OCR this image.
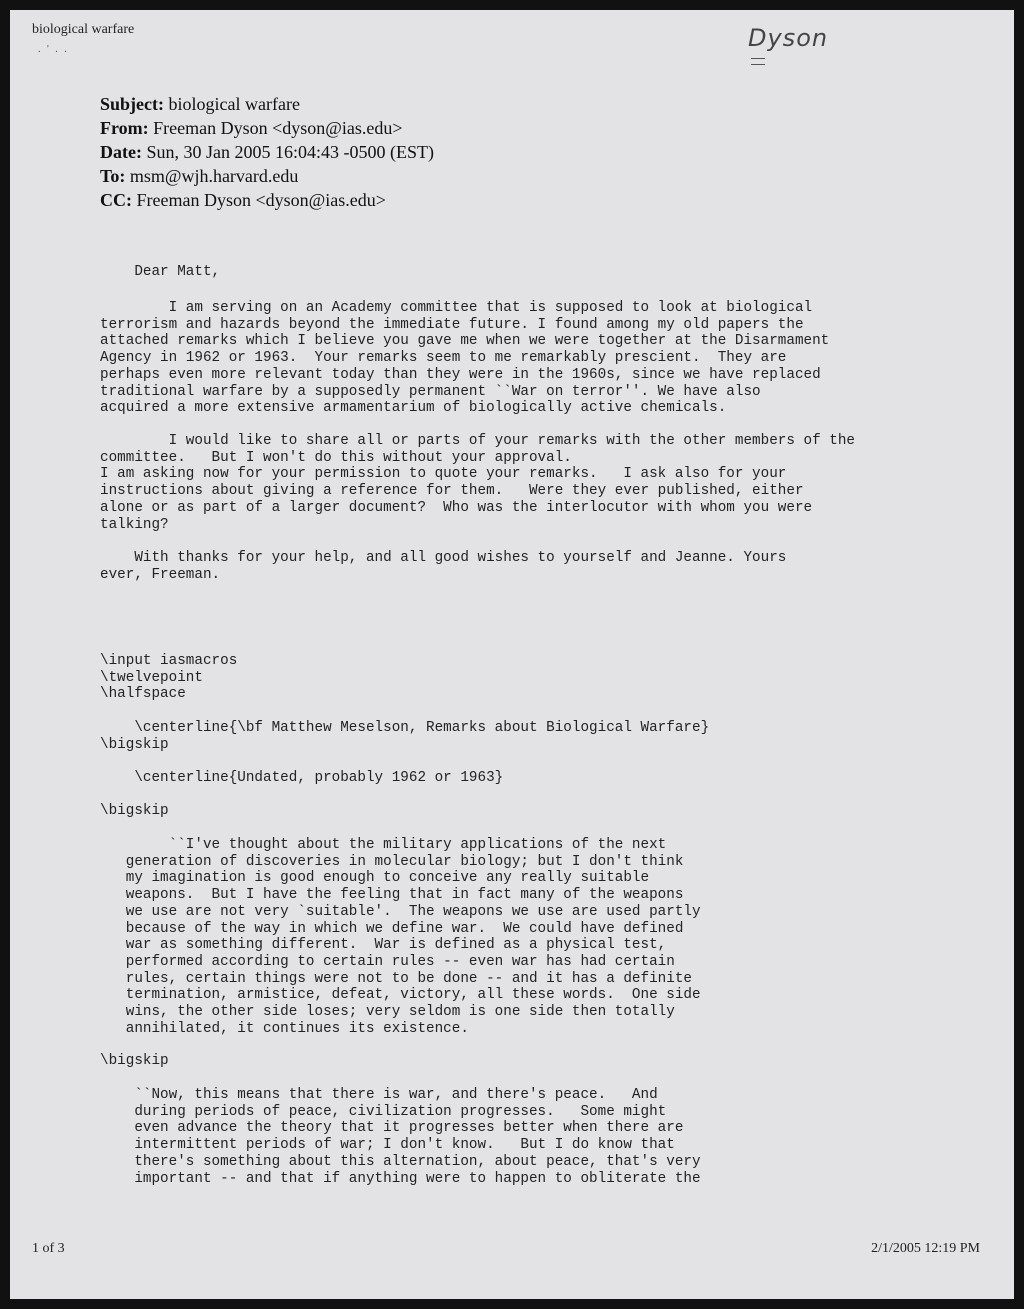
biological warfare
. ' . .	Dyson
Subject: biological warfare
From: Freeman Dyson <dyson@ias.edu>
Date: Sun, 30 Jan 2005 16:04:43 -0500 (EST)
To: msm@wjh.harvard.edu
CC: Freeman Dyson <dyson@ias.edu>
Dear Matt,
I am serving on an Academy committee that is supposed to look at biological
terrorism and hazards beyond the immediate future. I found among my old papers the
attached remarks which I believe you gave me when we were together at the Disarmament
Agency in 1962 or 1963.  Your remarks seem to me remarkably prescient.  They are
perhaps even more relevant today than they were in the 1960s, since we have replaced
traditional warfare by a supposedly permanent ``War on terror''. We have also
acquired a more extensive armamentarium of biologically active chemicals.
I would like to share all or parts of your remarks with the other members of the
committee.   But I won't do this without your approval.
I am asking now for your permission to quote your remarks.   I ask also for your
instructions about giving a reference for them.   Were they ever published, either
alone or as part of a larger document?  Who was the interlocutor with whom you were
talking?
With thanks for your help, and all good wishes to yourself and Jeanne. Yours
ever, Freeman.
\input iasmacros
\twelvepoint
\halfspace
\centerline{\bf Matthew Meselson, Remarks about Biological Warfare}
\bigskip
\centerline{Undated, probably 1962 or 1963}
\bigskip
``I've thought about the military applications of the next
generation of discoveries in molecular biology; but I don't think
my imagination is good enough to conceive any really suitable
weapons.  But I have the feeling that in fact many of the weapons
we use are not very `suitable'.  The weapons we use are used partly
because of the way in which we define war.  We could have defined
war as something different.  War is defined as a physical test,
performed according to certain rules -- even war has had certain
rules, certain things were not to be done -- and it has a definite
termination, armistice, defeat, victory, all these words.  One side
wins, the other side loses; very seldom is one side then totally
annihilated, it continues its existence.
\bigskip
``Now, this means that there is war, and there's peace.   And
during periods of peace, civilization progresses.   Some might
even advance the theory that it progresses better when there are
intermittent periods of war; I don't know.   But I do know that
there's something about this alternation, about peace, that's very
important -- and that if anything were to happen to obliterate the
1 of 3	2/1/2005 12:19 PM
